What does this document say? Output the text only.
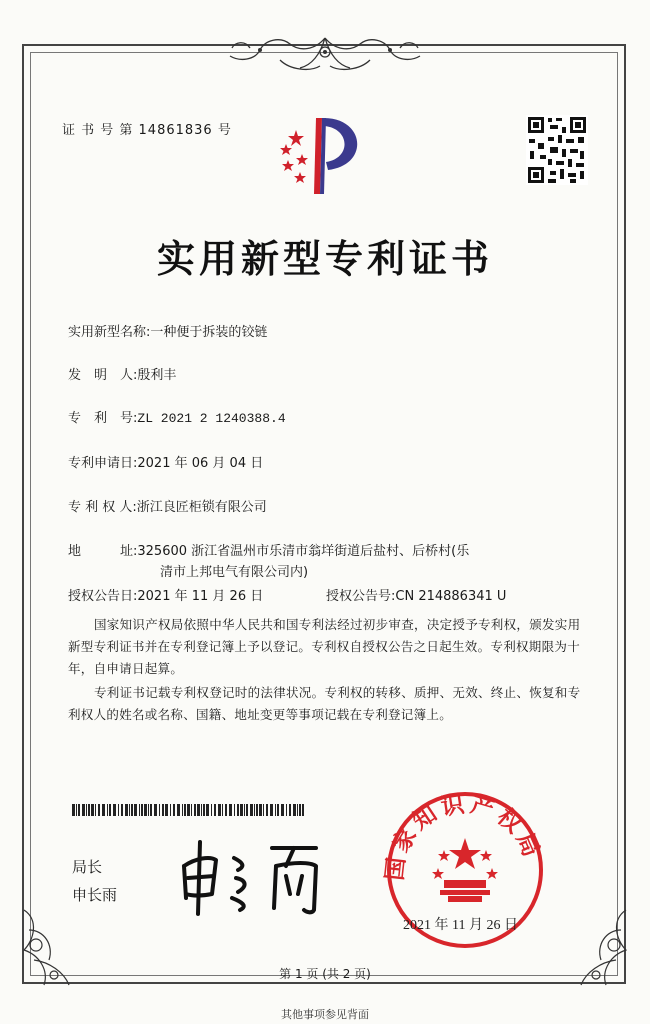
证 书 号 第 14861836 号
实用新型专利证书
实用新型名称:一种便于拆装的铰链
发　明　人:殷利丰
专　利　号:ZL 2021 2 1240388.4
专利申请日:2021 年 06 月 04 日
专 利 权 人:浙江良匠柜锁有限公司
地　　　址:325600 浙江省温州市乐清市翁垟街道后盐村、后桥村(乐
清市上邦电气有限公司内)
授权公告日:2021 年 11 月 26 日	授权公告号:CN 214886341 U
国家知识产权局依照中华人民共和国专利法经过初步审查，决定授予专利权，颁发实用新型专利证书并在专利登记簿上予以登记。专利权自授权公告之日起生效。专利权期限为十年，自申请日起算。
专利证书记载专利权登记时的法律状况。专利权的转移、质押、无效、终止、恢复和专利权人的姓名或名称、国籍、地址变更等事项记载在专利登记簿上。
局长
申长雨
国家知识产权局
2021 年 11 月 26 日
第 1 页 (共 2 页)
其他事项参见背面
